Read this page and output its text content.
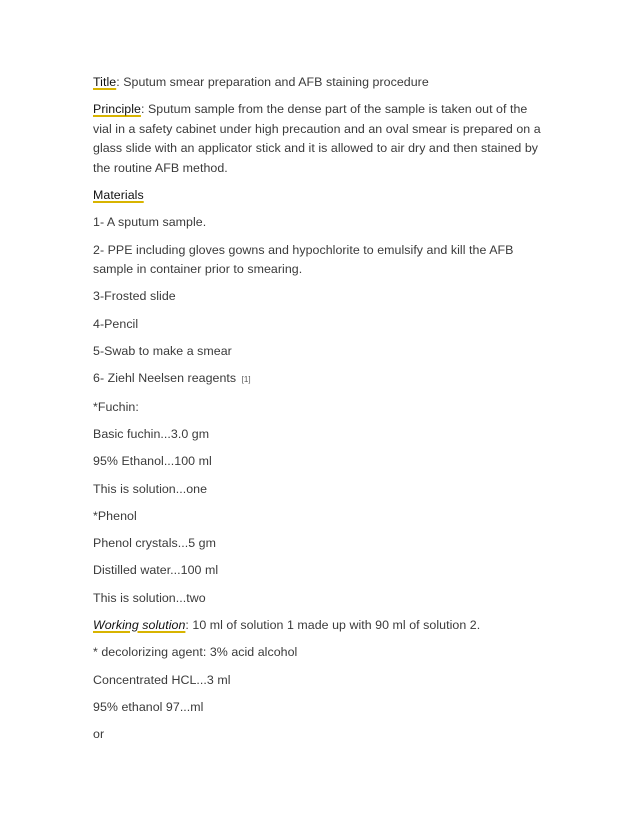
Title: Sputum smear preparation and AFB staining procedure

Principle: Sputum sample from the dense part of the sample is taken out of the vial in a safety cabinet under high precaution and an oval smear is prepared on a glass slide with an applicator stick and it is allowed to air dry and then stained by the routine AFB method.

Materials

1- A sputum sample.

2- PPE including gloves gowns and hypochlorite to emulsify and kill the AFB sample in container prior to smearing.

3-Frosted slide

4-Pencil

5-Swab to make a smear

6- Ziehl Neelsen reagents [1]

*Fuchin:

Basic fuchin...3.0 gm

95% Ethanol...100 ml

This is solution...one

*Phenol

Phenol crystals...5 gm

Distilled water...100 ml

This is solution...two

Working solution: 10 ml of solution 1 made up with 90 ml of solution 2.

* decolorizing agent: 3% acid alcohol

Concentrated HCL...3 ml

95% ethanol 97...ml

or
